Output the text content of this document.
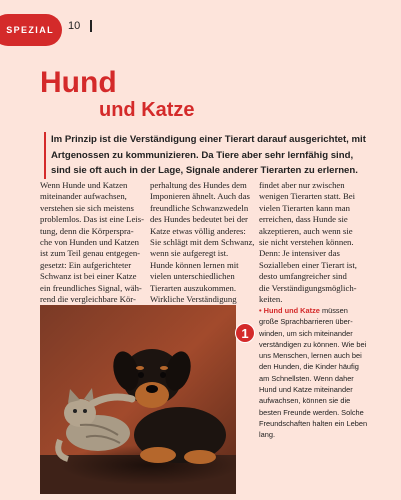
SPEZIAL 10
Hund
und Katze
Im Prinzip ist die Verständigung einer Tierart darauf ausgerichtet, mit Artgenossen zu kommunizieren. Da Tiere aber sehr lernfähig sind, sind sie oft auch in der Lage, Signale anderer Tierarten zu erlernen.
Wenn Hunde und Katzen
miteinander aufwachsen,
verstehen sie sich meistens
problemlos. Das ist eine Leis-
tung, denn die Körperspra-
che von Hunden und Katzen
ist zum Teil genau entgegen-
gesetzt: Ein aufgerichteter
Schwanz ist bei einer Katze
ein freundliches Signal, wäh-
rend die vergleichbare Kör-
perhaltung des Hundes dem
Imponieren ähnelt. Auch das
freundliche Schwanzwedeln
des Hundes bedeutet bei der
Katze etwas völlig anderes:
Sie schlägt mit dem Schwanz,
wenn sie aufgeregt ist.
Hunde können lernen mit
vielen unterschiedlichen
Tierarten auszukommen.
Wirkliche Verständigung
findet aber nur zwischen
wenigen Tierarten statt. Bei
vielen Tierarten kann man
erreichen, dass Hunde sie
akzeptieren, auch wenn sie
sie nicht verstehen können.
Denn: Je intensiver das
Sozialleben einer Tierart ist,
desto umfangreicher sind
die Verständigungsmöglich-
keiten.
1
• Hund und Katze müssen
große Sprachbarrieren über-
winden, um sich miteinander
verständigen zu können. Wie bei
uns Menschen, lernen auch bei
den Hunden, die Kinder häufig
am Schnellsten. Wenn daher
Hund und Katze miteinander
aufwachsen, können sie die
besten Freunde werden. Solche
Freundschaften halten ein Leben
lang.
